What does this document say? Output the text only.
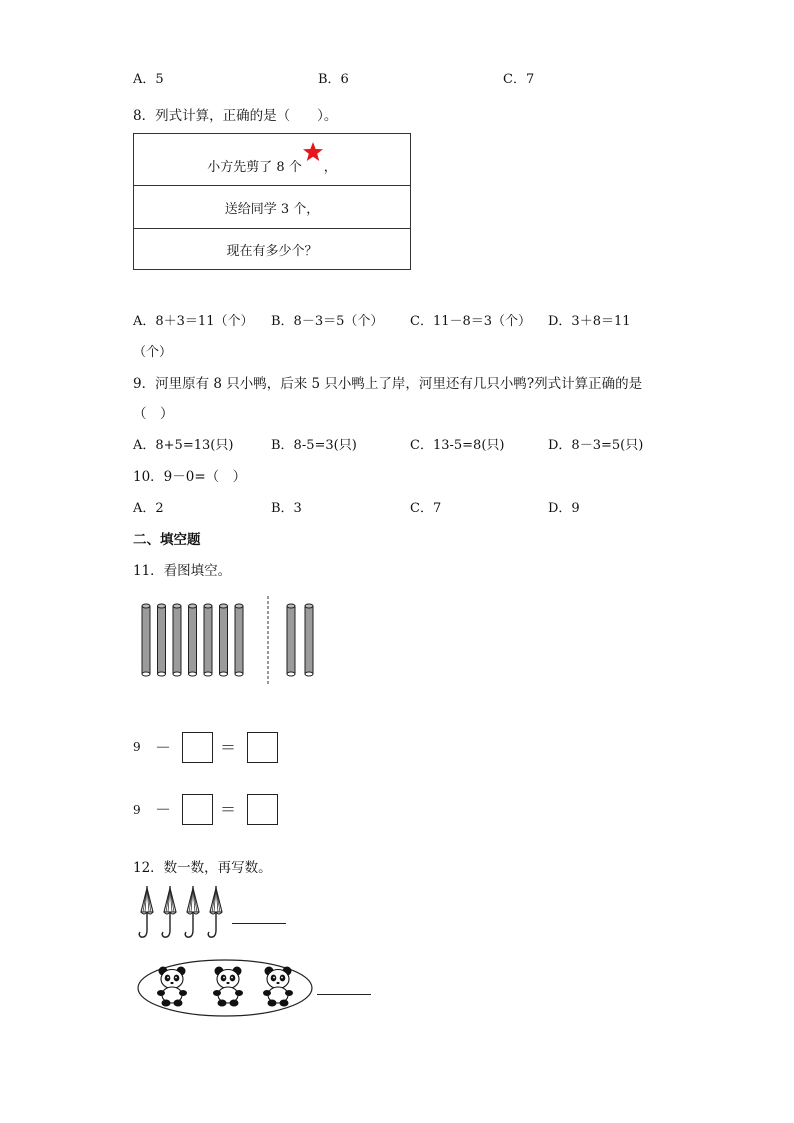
A．5	B．6	C．7
8．列式计算，正确的是（　　）。
小方先剪了 8 个 ，
送给同学 3 个，
现在有多少个？
A．8＋3＝11（个） B．8－3＝5（个） C．11－8＝3（个） D．3＋8＝11
（个）
9．河里原有 8 只小鸭，后来 5 只小鸭上了岸，河里还有几只小鸭?列式计算正确的是
（　）
A．8+5=13(只)	B．8-5=3(只)	C．13-5=8(只)	D．8－3=5(只)
10．9－0=（　）
A．2	B．3	C．7	D．9
二、填空题
11．看图填空。
9 －	＝
9 －	＝
12．数一数，再写数。
